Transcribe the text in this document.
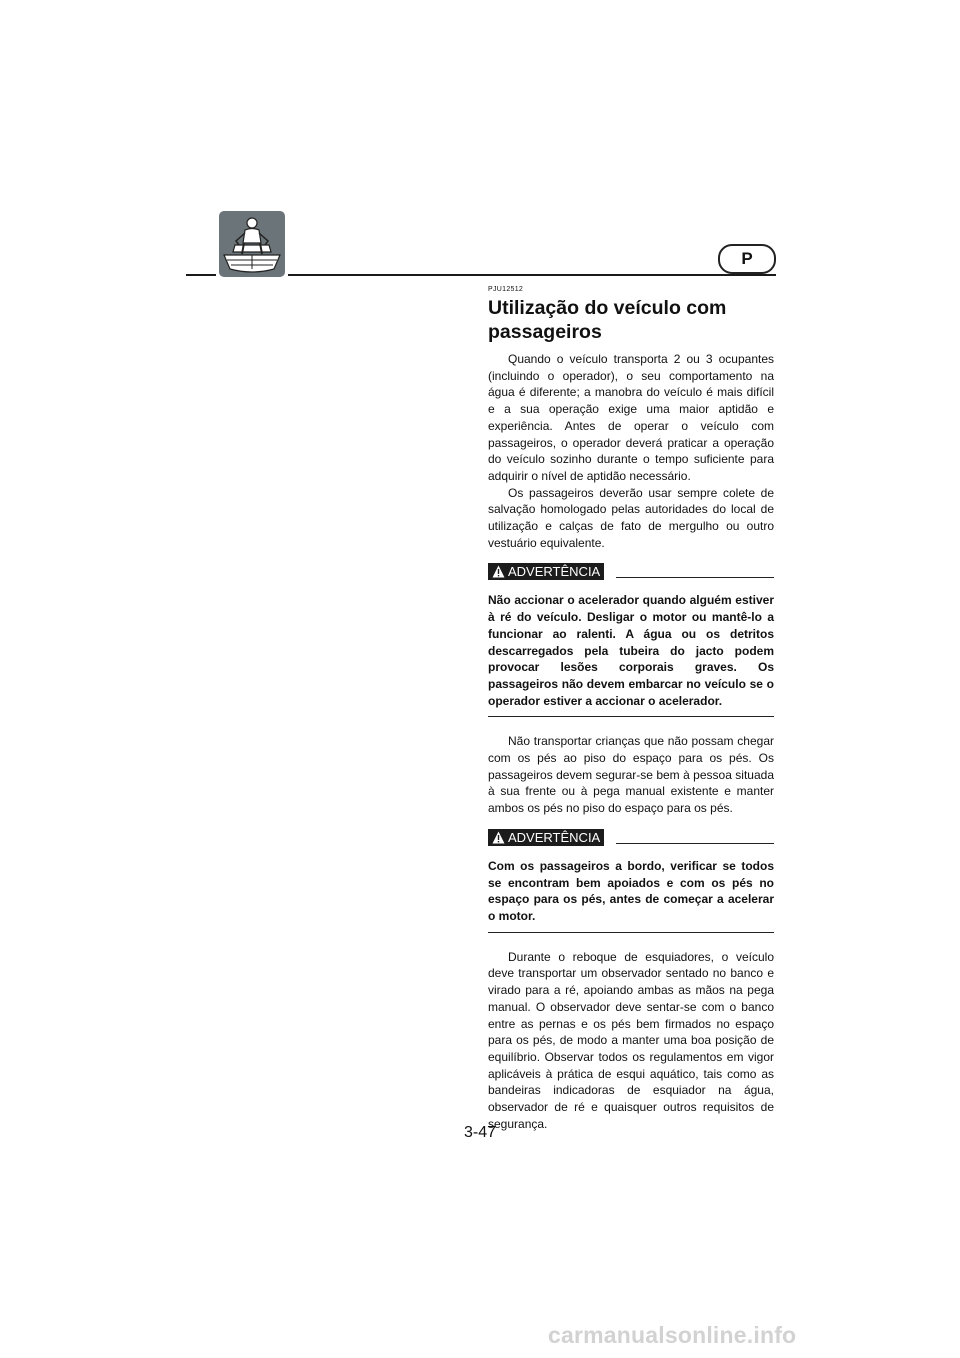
P
PJU12512
Utilização do veículo com passageiros

Quando o veículo transporta 2 ou 3 ocupantes (incluindo o operador), o seu comportamento na água é diferente; a manobra do veículo é mais difícil e a sua operação exige uma maior aptidão e experiência. Antes de operar o veículo com passageiros, o operador deverá praticar a operação do veículo sozinho durante o tempo suficiente para adquirir o nível de aptidão necessário.

Os passageiros deverão usar sempre colete de salvação homologado pelas autoridades do local de utilização e calças de fato de mergulho ou outro vestuário equivalente.

ADVERTÊNCIA

Não accionar o acelerador quando alguém estiver à ré do veículo. Desligar o motor ou mantê-lo a funcionar ao ralenti. A água ou os detritos descarregados pela tubeira do jacto podem provocar lesões corporais graves. Os passageiros não devem embarcar no veículo se o operador estiver a accionar o acelerador.

Não transportar crianças que não possam chegar com os pés ao piso do espaço para os pés. Os passageiros devem segurar-se bem à pessoa situada à sua frente ou à pega manual existente e manter ambos os pés no piso do espaço para os pés.

ADVERTÊNCIA

Com os passageiros a bordo, verificar se todos se encontram bem apoiados e com os pés no espaço para os pés, antes de começar a acelerar o motor.

Durante o reboque de esquiadores, o veículo deve transportar um observador sentado no banco e virado para a ré, apoiando ambas as mãos na pega manual. O observador deve sentar-se com o banco entre as pernas e os pés bem firmados no espaço para os pés, de modo a manter uma boa posição de equilíbrio. Observar todos os regulamentos em vigor aplicáveis à prática de esqui aquático, tais como as bandeiras indicadoras de esquiador na água, observador de ré e quaisquer outros requisitos de segurança.

3-47
carmanualsonline.info
